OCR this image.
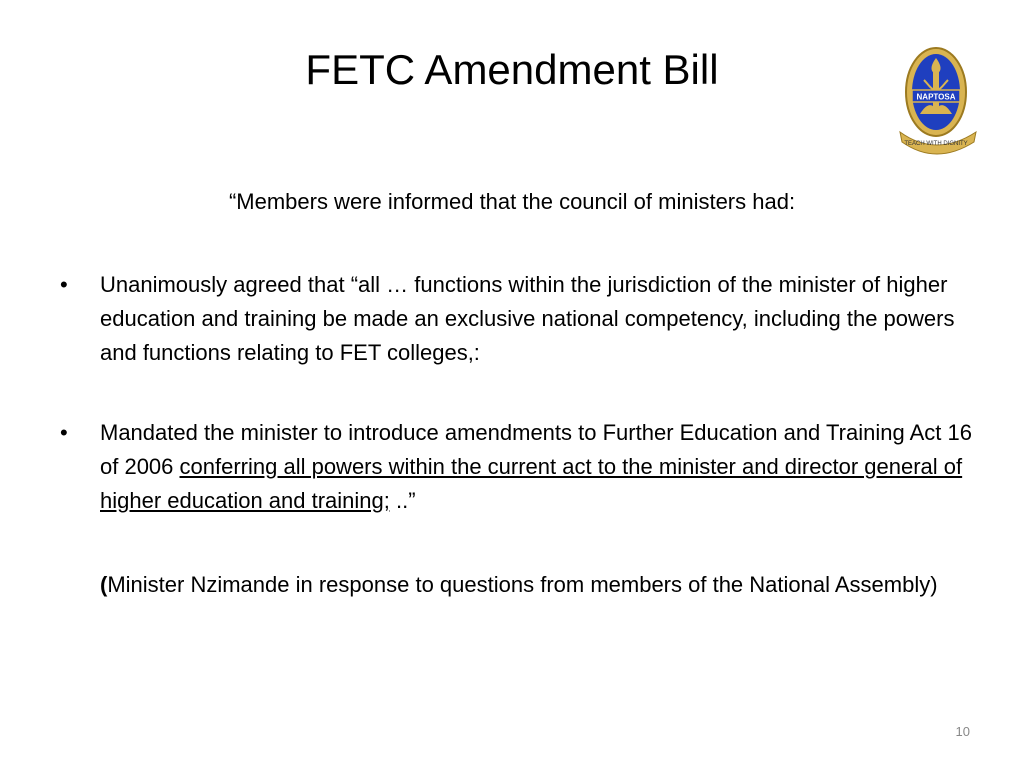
FETC Amendment Bill
NAPTOSA
TEACH WITH DIGNITY
“Members were informed that the council of ministers had:
•	Unanimously agreed that “all … functions within the jurisdiction of the minister of higher education and training be made an exclusive national competency, including the powers and functions relating to FET colleges,:
•	Mandated the minister to introduce amendments to Further Education and Training Act 16 of 2006 conferring all powers within the current act to the minister and director general of higher education and training; ..”
(Minister Nzimande in response to questions from members of the National Assembly)
10
